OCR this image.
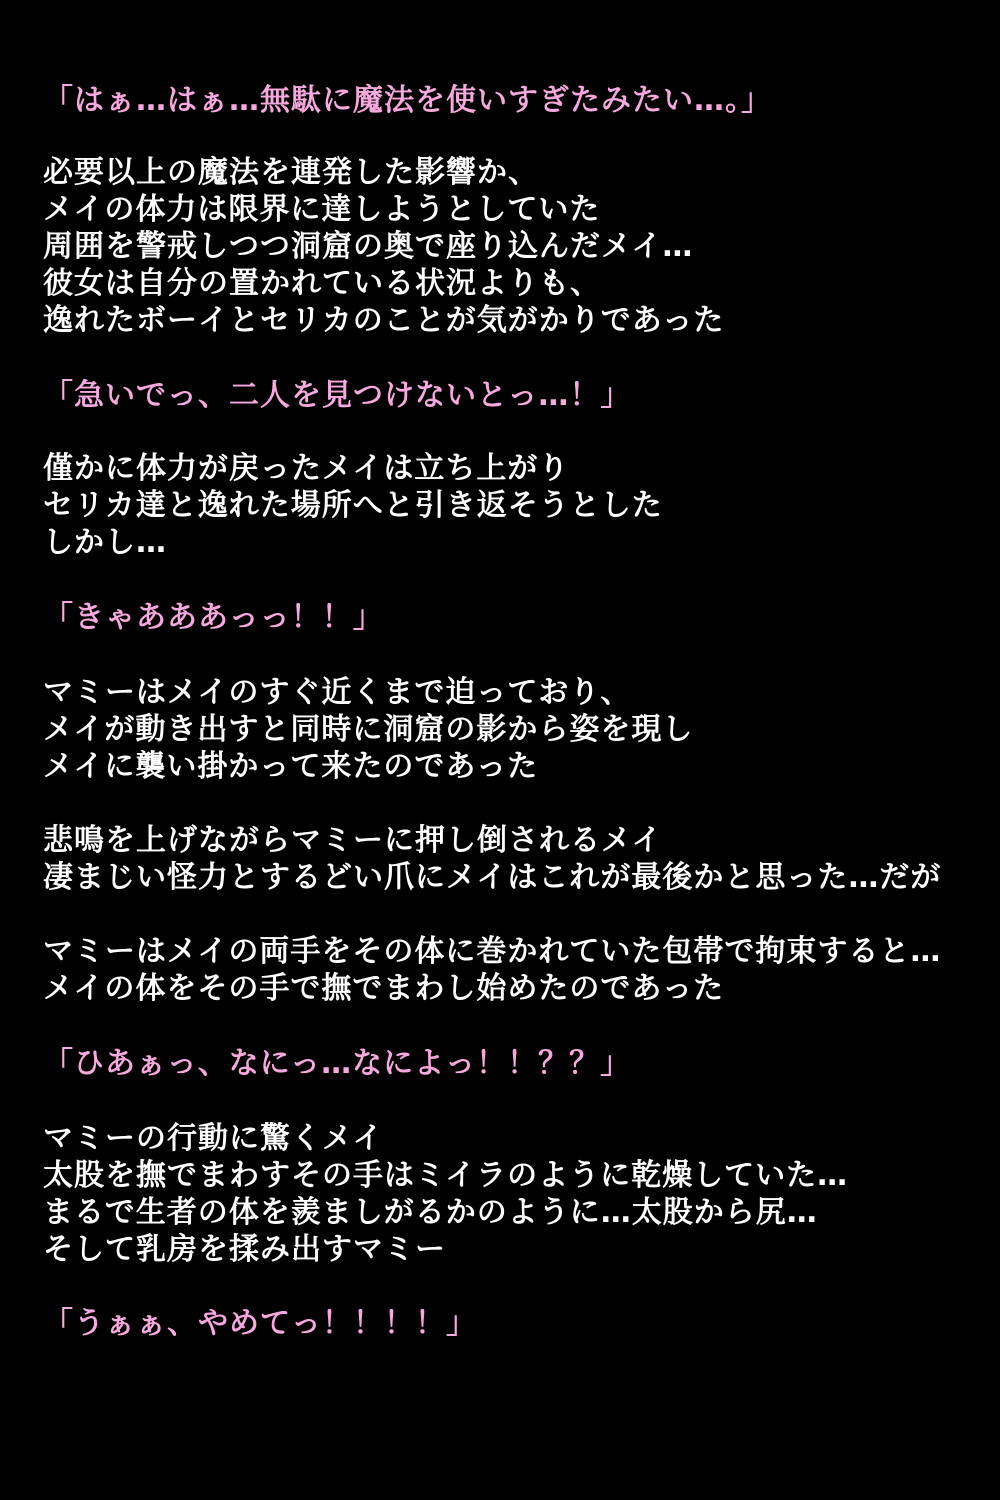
「はぁ…はぁ…無駄に魔法を使いすぎたみたい…。」
必要以上の魔法を連発した影響か、
メイの体力は限界に達しようとしていた
周囲を警戒しつつ洞窟の奥で座り込んだメイ…
彼女は自分の置かれている状況よりも、
逸れたボーイとセリカのことが気がかりであった
「急いでっ、二人を見つけないとっ…！」
僅かに体力が戻ったメイは立ち上がり
セリカ達と逸れた場所へと引き返そうとした
しかし…
「きゃあああっっ！！」
マミーはメイのすぐ近くまで迫っており、
メイが動き出すと同時に洞窟の影から姿を現し
メイに襲い掛かって来たのであった
悲鳴を上げながらマミーに押し倒されるメイ
凄まじい怪力とするどい爪にメイはこれが最後かと思った…だが
マミーはメイの両手をその体に巻かれていた包帯で拘束すると…
メイの体をその手で撫でまわし始めたのであった
「ひあぁっ、なにっ…なによっ！！？？」
マミーの行動に驚くメイ
太股を撫でまわすその手はミイラのように乾燥していた…
まるで生者の体を羨ましがるかのように…太股から尻…
そして乳房を揉み出すマミー
「うぁぁ、やめてっ！！！！」
